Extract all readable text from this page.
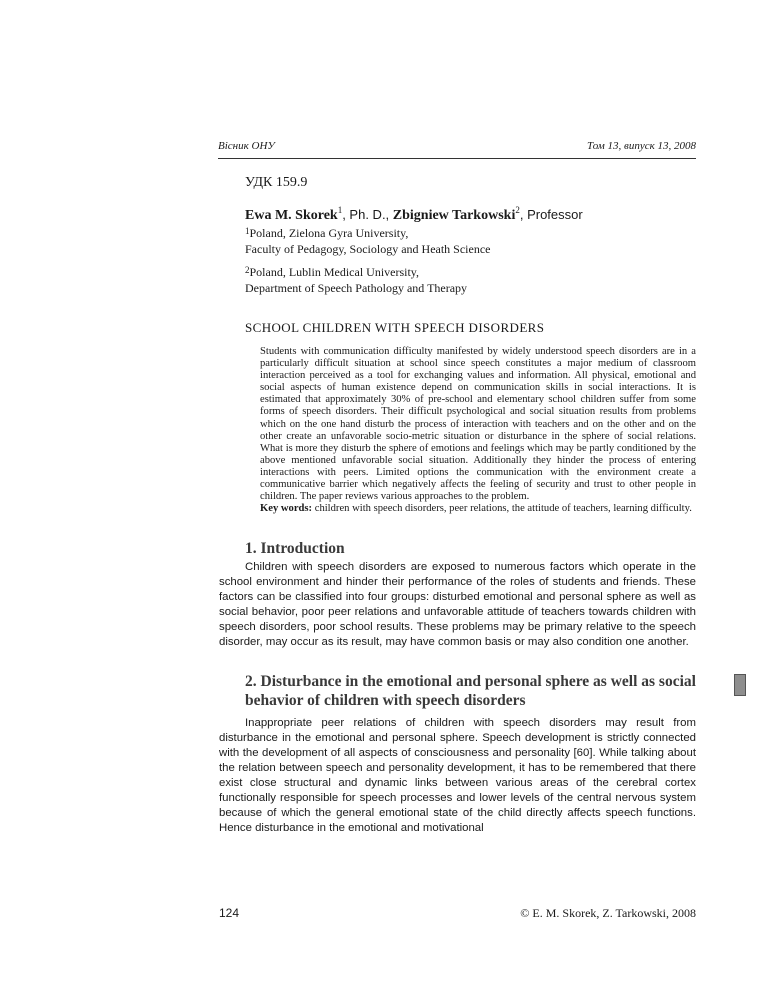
Вісник ОНУ	Том 13, випуск 13, 2008
УДК 159.9
Ewa M. Skorek$^1$, Ph. D., Zbigniew Tarkowski$^2$, Professor
$^1$Poland, Zielona Gyra University,
Faculty of Pedagogy, Sociology and Heath Science
$^2$Poland, Lublin Medical University,
Department of Speech Pathology and Therapy
SCHOOL CHILDREN WITH SPEECH DISORDERS

Students with communication difficulty manifested by widely understood speech disorders are in a particularly difficult situation at school since speech constitutes a major medium of classroom interaction perceived as a tool for exchanging values and information. All physical, emotional and social aspects of human existence depend on communication skills in social interactions. It is estimated that approximately 30% of pre-school and elementary school children suffer from some forms of speech disorders. Their difficult psychological and social situation results from problems which on the one hand disturb the process of interaction with teachers and on the other and on the other create an unfavorable socio-metric situation or disturbance in the sphere of social relations. What is more they disturb the sphere of emotions and feelings which may be partly conditioned by the above mentioned unfavorable social situation. Additionally they hinder the process of entering interactions with peers. Limited options the communication with the environment create a communicative barrier which negatively affects the feeling of security and trust to other people in children. The paper reviews various approaches to the problem.
Key words: children with speech disorders, peer relations, the attitude of teachers, learning difficulty.

1. Introduction

Children with speech disorders are exposed to numerous factors which operate in the school environment and hinder their performance of the roles of students and friends. These factors can be classified into four groups: disturbed emotional and personal sphere as well as social behavior, poor peer relations and unfavorable attitude of teachers towards children with speech disorders, poor school results. These problems may be primary relative to the speech disorder, may occur as its result, may have common basis or may also condition one another.

2. Disturbance in the emotional and personal sphere as well as social behavior of children with speech disorders

Inappropriate peer relations of children with speech disorders may result from disturbance in the emotional and personal sphere. Speech development is strictly connected with the development of all aspects of consciousness and personality [60]. While talking about the relation between speech and personality development, it has to be remembered that there exist close structural and dynamic links between various areas of the cerebral cortex functionally responsible for speech processes and lower levels of the central nervous system because of which the general emotional state of the child directly affects speech functions. Hence disturbance in the emotional and motivational

124	© E. M. Skorek, Z. Tarkowski, 2008
